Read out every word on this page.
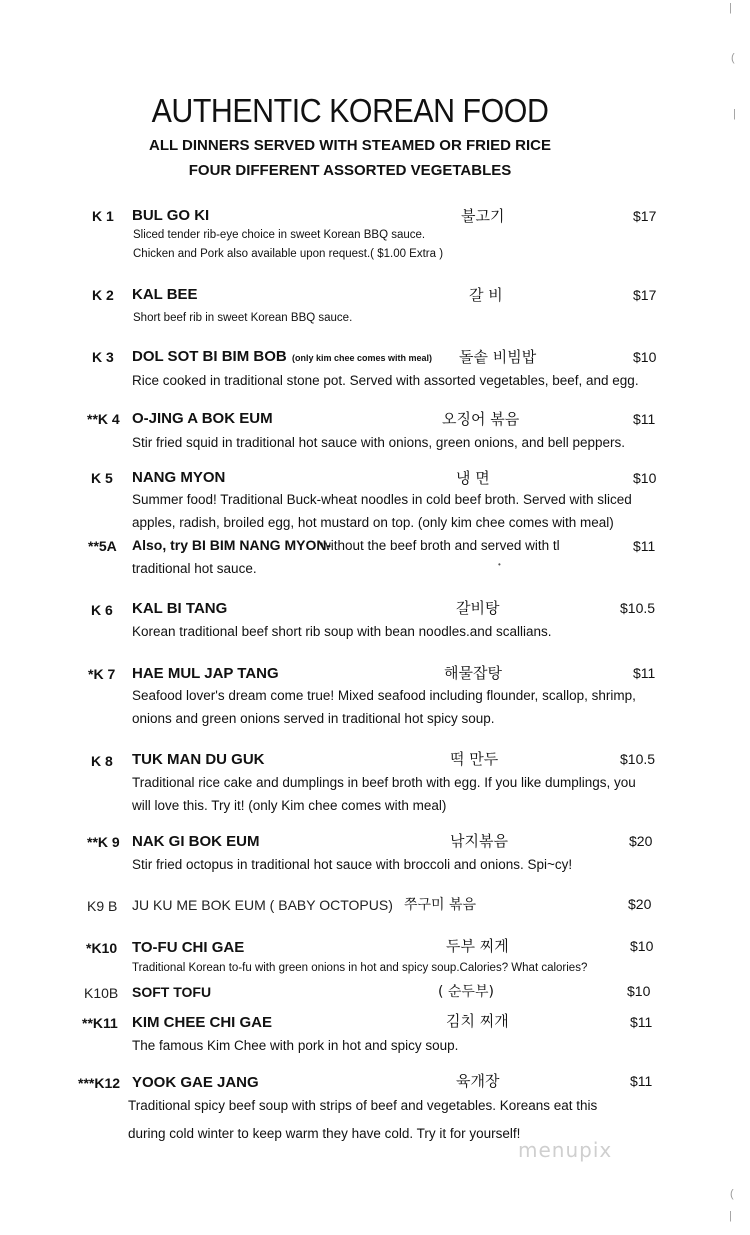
AUTHENTIC KOREAN FOOD
ALL DINNERS SERVED WITH STEAMED OR FRIED RICE
FOUR DIFFERENT ASSORTED VEGETABLES
K 1 BUL GO KI	불고기	$17
Sliced tender rib-eye choice in sweet Korean BBQ sauce.
Chicken and Pork also available upon request.( $1.00 Extra )
K 2 KAL BEE	갈 비	$17
Short beef rib in sweet Korean BBQ sauce.
K 3 DOL SOT BI BIM BOB (only kim chee comes with meal) 돌솥 비빔밥	$10
Rice cooked in traditional stone pot. Served with assorted vegetables, beef, and egg.
**K 4 O-JING A BOK EUM	오징어 볶음	$11
Stir fried squid in traditional hot sauce with onions, green onions, and bell peppers.
K 5 NANG MYON	냉 면	$10
Summer food! Traditional Buck-wheat noodles in cold beef broth. Served with sliced
apples, radish, broiled egg, hot mustard on top. (only kim chee comes with meal)
**5A Also, try BI BIM NANG MYON-
without the beef broth and served with tl	$11
traditional hot sauce.	•
K 6 KAL BI TANG	갈비탕	$10.5
Korean traditional beef short rib soup with bean noodles.and scallians.
*K 7 HAE MUL JAP TANG	해물잡탕	$11
Seafood lover's dream come true! Mixed seafood including flounder, scallop, shrimp,
onions and green onions served in traditional hot spicy soup.
K 8 TUK MAN DU GUK	떡 만두	$10.5
Traditional rice cake and dumplings in beef broth with egg. If you like dumplings, you
will love this. Try it! (only Kim chee comes with meal)
**K 9 NAK GI BOK EUM	낚지볶음	$20
Stir fried octopus in traditional hot sauce with broccoli and onions. Spi~cy!
K9 B JU KU ME BOK EUM ( BABY OCTOPUS) 쭈구미 볶음	$20
*K10 TO-FU CHI GAE	두부 찌게	$10
Traditional Korean to-fu with green onions in hot and spicy soup.Calories? What calories?
K10B SOFT TOFU	( 순두부)	$10
**K11 KIM CHEE CHI GAE	김치 찌개	$11
The famous Kim Chee with pork in hot and spicy soup.
***K12 YOOK GAE JANG	육개장	$11
Traditional spicy beef soup with strips of beef and vegetables. Koreans eat this
during cold winter to keep warm they have cold. Try it for yourself!
menupix
|
(
|
(
|
